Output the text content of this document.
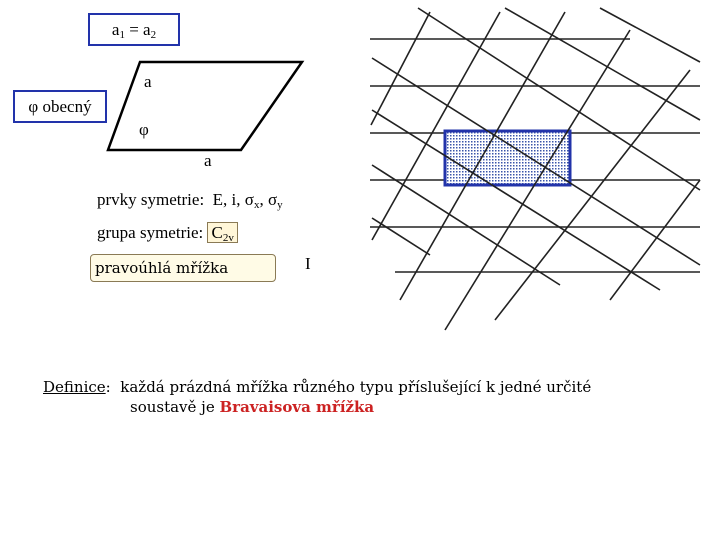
$a_1 = a_2$
φ obecný
a
φ
a
prvky symetrie: E, i, $\sigma_x$, $\sigma_y$
grupa symetrie: $C_{2v}$
pravoúhlá mřížka	I
Definice: každá prázdná mřížka různého typu příslušející k jedné určité
soustavě je Bravaisova mřížka
